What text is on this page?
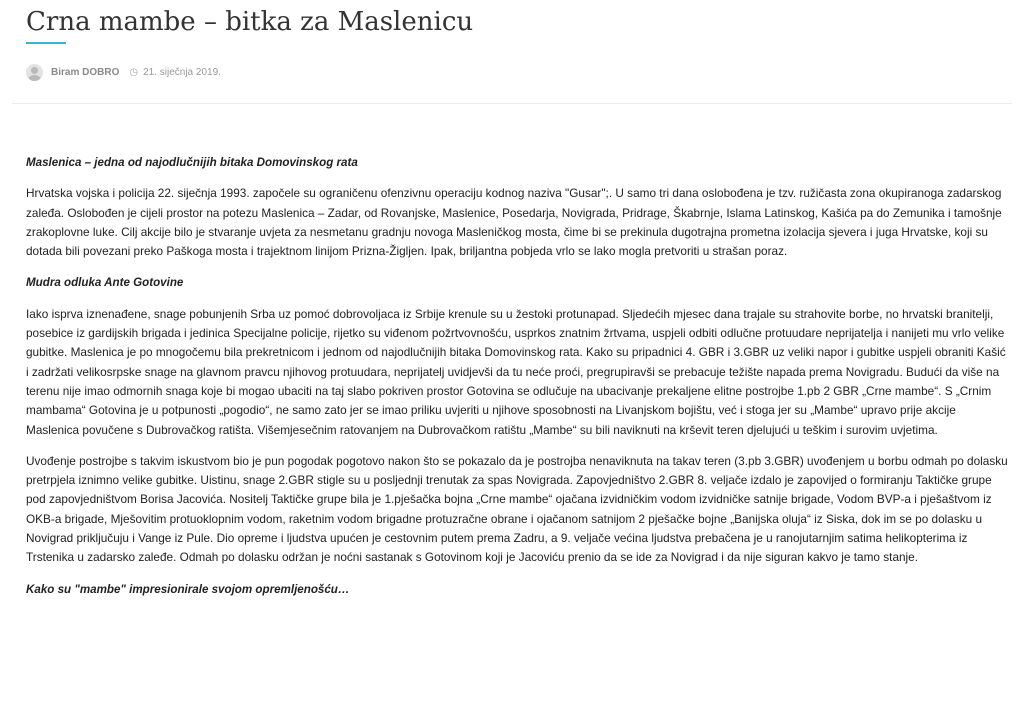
Crna mambe – bitka za Maslenicu
Biram DOBRO ◷ 21. siječnja 2019.
Maslenica – jedna od najodlučnijih bitaka Domovinskog rata

Hrvatska vojska i policija 22. siječnja 1993. započele su ograničenu ofenzivnu operaciju kodnog naziva "Gusar";. U samo tri dana oslobođena je tzv. ružičasta zona okupiranoga zadarskog zaleđa. Oslobođen je cijeli prostor na potezu Maslenica – Zadar, od Rovanjske, Maslenice, Posedarja, Novigrada, Pridrage, Škabrnje, Islama Latinskog, Kašića pa do Zemunika i tamošnje zrakoplovne luke. Cilj akcije bilo je stvaranje uvjeta za nesmetanu gradnju novoga Masleničkog mosta, čime bi se prekinula dugotrajna prometna izolacija sjevera i juga Hrvatske, koji su dotada bili povezani preko Paškoga mosta i trajektnom linijom Prizna-Žigljen. Ipak, briljantna pobjeda vrlo se lako mogla pretvoriti u strašan poraz.

Mudra odluka Ante Gotovine

Iako isprva iznenađene, snage pobunjenih Srba uz pomoć dobrovoljaca iz Srbije krenule su u žestoki protunapad. Sljedećih mjesec dana trajale su strahovite borbe, no hrvatski branitelji, posebice iz gardijskih brigada i jedinica Specijalne policije, rijetko su viđenom požrtvovnošću, usprkos znatnim žrtvama, uspjeli odbiti odlučne protuudare neprijatelja i nanijeti mu vrlo velike gubitke. Maslenica je po mnogočemu bila prekretnicom i jednom od najodlučnijih bitaka Domovinskog rata. Kako su pripadnici 4. GBR i 3.GBR uz veliki napor i gubitke uspjeli obraniti Kašić i zadržati velikosrpske snage na glavnom pravcu njihovog protuudara, neprijatelj uvidjevši da tu neće proći, pregrupiravši se prebacuje težište napada prema Novigradu. Budući da više na terenu nije imao odmornih snaga koje bi mogao ubaciti na taj slabo pokriven prostor Gotovina se odlučuje na ubacivanje prekaljene elitne postrojbe 1.pb 2 GBR „Crne mambe“. S „Crnim mambama“ Gotovina je u potpunosti „pogodio“, ne samo zato jer se imao priliku uvjeriti u njihove sposobnosti na Livanjskom bojištu, već i stoga jer su „Mambe“ upravo prije akcije Maslenica povučene s Dubrovačkog ratišta. Višemjesečnim ratovanjem na Dubrovačkom ratištu „Mambe“ su bili naviknuti na krševit teren djelujući u teškim i surovim uvjetima.

Uvođenje postrojbe s takvim iskustvom bio je pun pogodak pogotovo nakon što se pokazalo da je postrojba nenaviknuta na takav teren (3.pb 3.GBR) uvođenjem u borbu odmah po dolasku pretrpjela iznimno velike gubitke. Uistinu, snage 2.GBR stigle su u posljednji trenutak za spas Novigrada. Zapovjedništvo 2.GBR 8. veljače izdalo je zapovijed o formiranju Taktičke grupe pod zapovjedništvom Borisa Jacovića. Nositelj Taktičke grupe bila je 1.pješačka bojna „Crne mambe“ ojačana izvidničkim vodom izvidničke satnije brigade, Vodom BVP-a i pješaštvom iz OKB-a brigade, Mješovitim protuoklopnim vodom, raketnim vodom brigadne protuzračne obrane i ojačanom satnijom 2 pješačke bojne „Banijska oluja“ iz Siska, dok im se po dolasku u Novigrad priključuju i Vange iz Pule. Dio opreme i ljudstva upućen je cestovnim putem prema Zadru, a 9. veljače većina ljudstva prebačena je u ranojutarnjim satima helikopterima iz Trstenika u zadarsko zaleđe. Odmah po dolasku održan je noćni sastanak s Gotovinom koji je Jacoviću prenio da se ide za Novigrad i da nije siguran kakvo je tamo stanje.

Kako su "mambe" impresionirale svojom opremljenošću…
